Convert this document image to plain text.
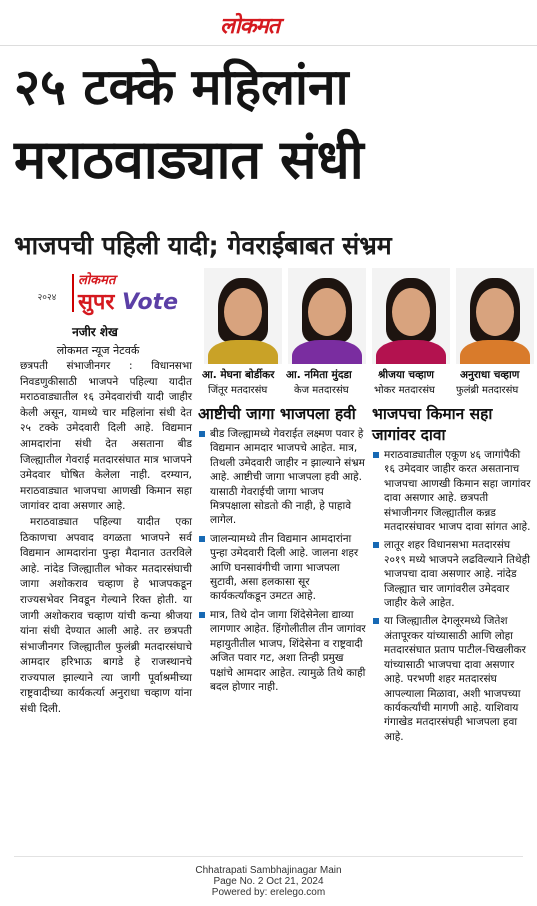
लोकमत
२५ टक्के महिलांना
मराठवाड्यात संधी
भाजपची पहिली यादी; गेवराईबाबत संभ्रम
२०२४
लोकमत
सुपर Vote
नजीर शेख
लोकमत न्यूज नेटवर्क

छत्रपती संभाजीनगर : विधानसभा निवडणुकीसाठी भाजपने पहिल्या यादीत मराठवाड्यातील १६ उमेदवारांची यादी जाहीर केली असून, यामध्ये चार महिलांना संधी देत २५ टक्के उमेदवारी दिली आहे. विद्यमान आमदारांना संधी देत असताना बीड जिल्ह्यातील गेवराई मतदारसंघात मात्र भाजपने उमेदवार घोषित केलेला नाही. दरम्यान, मराठवाड्यात भाजपचा आणखी किमान सहा जागांवर दावा असणार आहे.

मराठवाड्यात पहिल्या यादीत एका ठिकाणचा अपवाद वगळता भाजपने सर्व विद्यमान आमदारांना पुन्हा मैदानात उतरविले आहे. नांदेड जिल्ह्यातील भोकर मतदारसंघाची जागा अशोकराव चव्हाण हे भाजपकडून राज्यसभेवर निवडून गेल्याने रिक्त होती. या जागी अशोकराव चव्हाण यांची कन्या श्रीजया यांना संधी देण्यात आली आहे. तर छत्रपती संभाजीनगर जिल्ह्यातील फुलंब्री मतदारसंघाचे आमदार हरिभाऊ बागडे हे राजस्थानचे राज्यपाल झाल्याने त्या जागी पूर्वाश्रमीच्या राष्ट्रवादीच्या कार्यकर्त्या अनुराधा चव्हाण यांना संधी दिली.

आ. मेघना बोर्डीकर
जिंतूर मतदारसंघ
आ. नमिता मुंदडा
केज मतदारसंघ
श्रीजया चव्हाण
भोकर मतदारसंघ
अनुराधा चव्हाण
फुलंब्री मतदारसंघ
आष्टीची जागा भाजपला हवी
बीड जिल्ह्यामध्ये गेवराईत लक्ष्मण पवार हे विद्यमान आमदार भाजपचे आहेत. मात्र, तिथली उमेदवारी जाहीर न झाल्याने संभ्रम आहे. आष्टीची जागा भाजपला हवी आहे. यासाठी गेवराईची जागा भाजप मित्रपक्षाला सोडतो की नाही, हे पाहावे लागेल.
जालन्यामध्ये तीन विद्यमान आमदारांना पुन्हा उमेदवारी दिली आहे. जालना शहर आणि घनसावंगीची जागा भाजपला सुटावी, असा हलकासा सूर कार्यकर्त्यांकडून उमटत आहे.
मात्र, तिथे दोन जागा शिंदेसेनेला द्याव्या लागणार आहेत. हिंगोलीतील तीन जागांवर महायुतीतील भाजप, शिंदेसेना व राष्ट्रवादी अजित पवार गट, अशा तिन्ही प्रमुख पक्षांचे आमदार आहेत. त्यामुळे तिथे काही बदल होणार नाही.
भाजपचा किमान सहा जागांवर दावा
मराठवाड्यातील एकूण ४६ जागांपैकी १६ उमेदवार जाहीर करत असतानाच भाजपचा आणखी किमान सहा जागांवर दावा असणार आहे. छत्रपती संभाजीनगर जिल्ह्यातील कन्नड मतदारसंघावर भाजप दावा सांगत आहे.
लातूर शहर विधानसभा मतदारसंघ २०१९ मध्ये भाजपने लढविल्याने तिथेही भाजपचा दावा असणार आहे. नांदेड जिल्ह्यात चार जागांवरील उमेदवार जाहीर केले आहेत.
या जिल्ह्यातील देगलूरमध्ये जितेश अंतापूरकर यांच्यासाठी आणि लोहा मतदारसंघात प्रताप पाटील-चिखलीकर यांच्यासाठी भाजपचा दावा असणार आहे. परभणी शहर मतदारसंघ आपल्याला मिळावा, अशी भाजपच्या कार्यकर्त्यांची मागणी आहे. याशिवाय गंगाखेड मतदारसंघही भाजपला हवा आहे.
Chhatrapati Sambhajinagar Main
Page No. 2 Oct 21, 2024
Powered by: erelego.com
